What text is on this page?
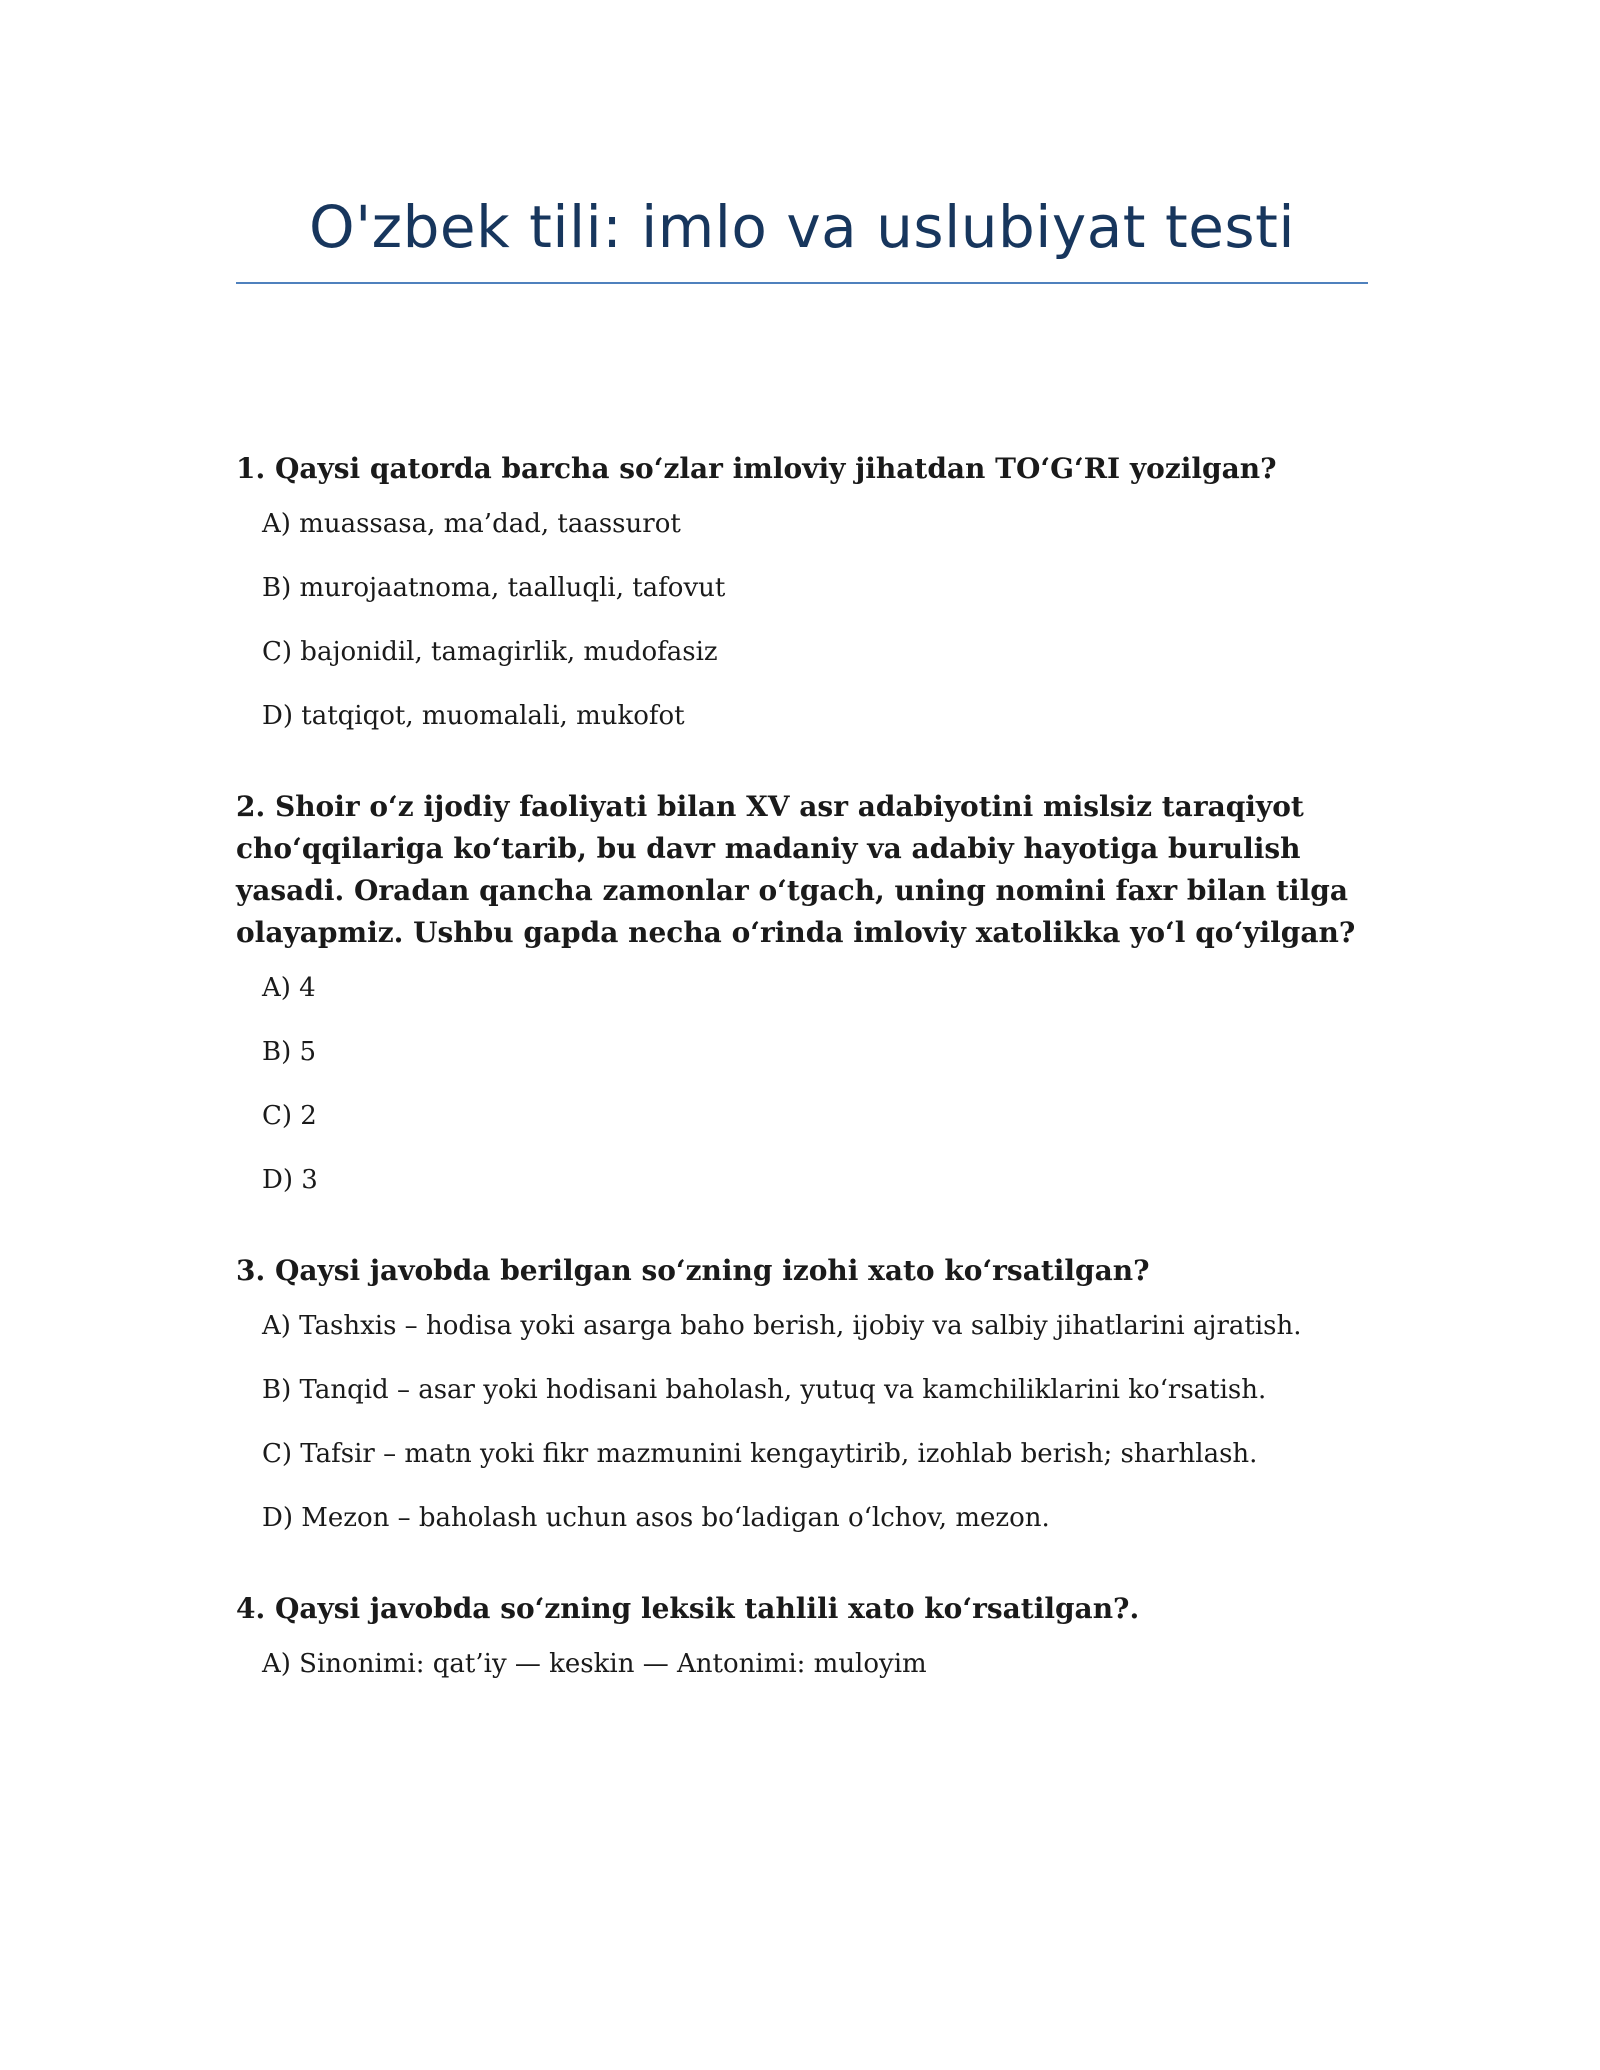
O'zbek tili: imlo va uslubiyat testi
1. Qaysi qatorda barcha so‘zlar imloviy jihatdan TO‘G‘RI yozilgan?
A) muassasa, ma’dad, taassurot
B) murojaatnoma, taalluqli, tafovut
C) bajonidil, tamagirlik, mudofasiz
D) tatqiqot, muomalali, mukofot
2. Shoir o‘z ijodiy faoliyati bilan XV asr adabiyotini mislsiz taraqiyot cho‘qqilariga ko‘tarib, bu davr madaniy va adabiy hayotiga burulish yasadi. Oradan qancha zamonlar o‘tgach, uning nomini faxr bilan tilga olayapmiz. Ushbu gapda necha o‘rinda imloviy xatolikka yo‘l qo‘yilgan?
A) 4
B) 5
C) 2
D) 3
3. Qaysi javobda berilgan so‘zning izohi xato ko‘rsatilgan?
A) Tashxis – hodisa yoki asarga baho berish, ijobiy va salbiy jihatlarini ajratish.
B) Tanqid – asar yoki hodisani baholash, yutuq va kamchiliklarini ko‘rsatish.
C) Tafsir – matn yoki fikr mazmunini kengaytirib, izohlab berish; sharhlash.
D) Mezon – baholash uchun asos bo‘ladigan o‘lchov, mezon.
4. Qaysi javobda so‘zning leksik tahlili xato ko‘rsatilgan?.
A) Sinonimi: qat’iy — keskin — Antonimi: muloyim
